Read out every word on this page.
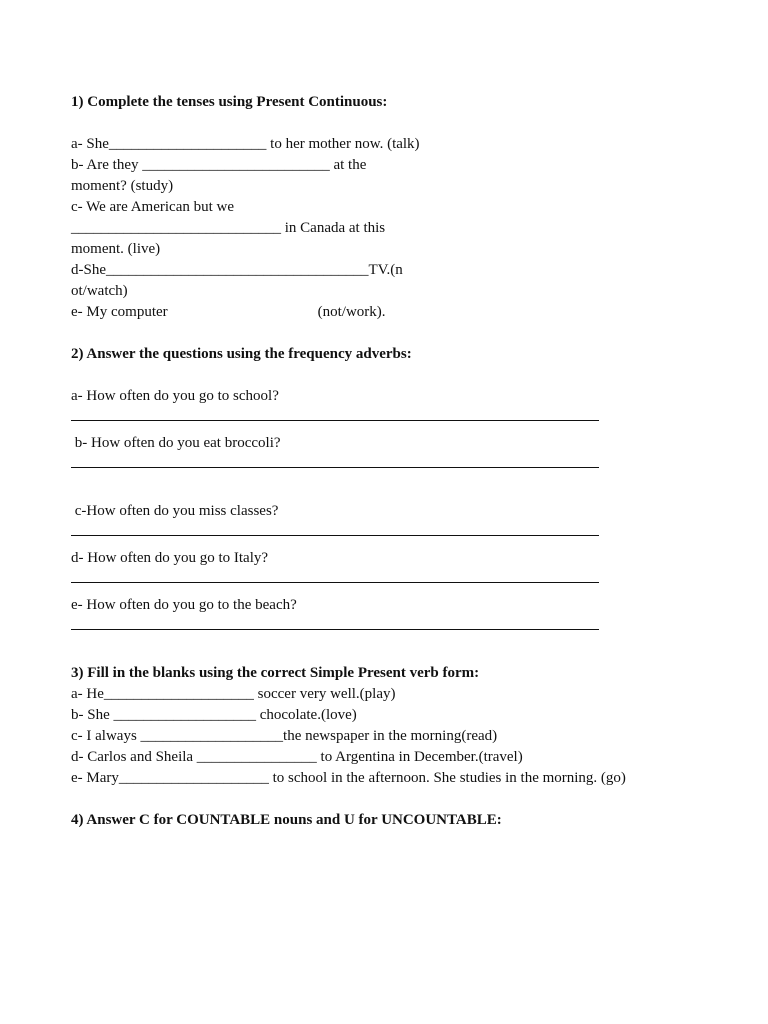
1) Complete the tenses using Present Continuous:
a- She_____________________ to her mother now. (talk)
b- Are they _________________________ at the
moment? (study)
c- We are American but we
____________________________ in Canada at this
moment. (live)
d-She___________________________________TV.(n
ot/watch)
e- My computer                                        (not/work).
2) Answer the questions using the frequency adverbs:
a- How often do you go to school?
b- How often do you eat broccoli?
c-How often do you miss classes?
d- How often do you go to Italy?
e- How often do you go to the beach?
3) Fill in the blanks using the correct Simple Present verb form:
a- He____________________ soccer very well.(play)
b- She ___________________ chocolate.(love)
c- I always ___________________the newspaper in the morning(read)
d- Carlos and Sheila ________________ to Argentina in December.(travel)
e- Mary____________________ to school in the afternoon. She studies in the morning. (go)
4) Answer C for COUNTABLE nouns and U for UNCOUNTABLE:
